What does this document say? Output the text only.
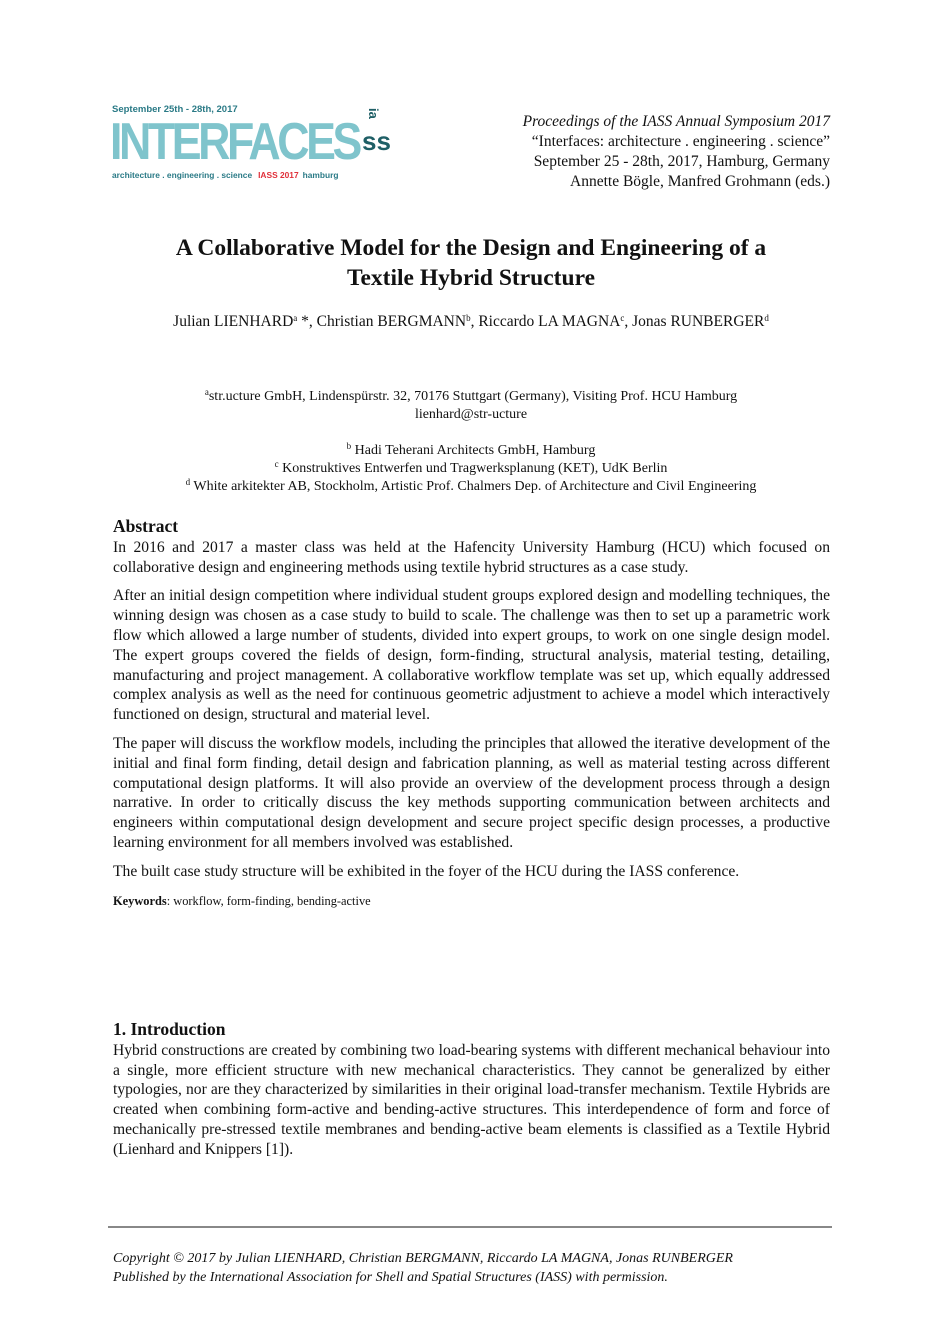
September 25th - 28th, 2017
INTERFACES
architecture . engineering . science IASS 2017 hamburg
ia
ss
Proceedings of the IASS Annual Symposium 2017
“Interfaces: architecture . engineering . science”
September 25 - 28th, 2017, Hamburg, Germany
Annette Bögle, Manfred Grohmann (eds.)
A Collaborative Model for the Design and Engineering of a
Textile Hybrid Structure
Julian LIENHARD$^a$ *, Christian BERGMANN$^b$, Riccardo LA MAGNA$^c$, Jonas RUNBERGER$^d$
$^a$str.ucture GmbH, Lindenspürstr. 32, 70176 Stuttgart (Germany), Visiting Prof. HCU Hamburg
lienhard@str-ucture
$^b$ Hadi Teherani Architects GmbH, Hamburg
$^c$ Konstruktives Entwerfen und Tragwerksplanung (KET), UdK Berlin
$^d$ White arkitekter AB, Stockholm, Artistic Prof. Chalmers Dep. of Architecture and Civil Engineering
Abstract

In 2016 and 2017 a master class was held at the Hafencity University Hamburg (HCU) which focused on collaborative design and engineering methods using textile hybrid structures as a case study.

After an initial design competition where individual student groups explored design and modelling techniques, the winning design was chosen as a case study to build to scale. The challenge was then to set up a parametric work flow which allowed a large number of students, divided into expert groups, to work on one single design model. The expert groups covered the fields of design, form-finding, structural analysis, material testing, detailing, manufacturing and project management. A collaborative workflow template was set up, which equally addressed complex analysis as well as the need for continuous geometric adjustment to achieve a model which interactively functioned on design, structural and material level.

The paper will discuss the workflow models, including the principles that allowed the iterative development of the initial and final form finding, detail design and fabrication planning, as well as material testing across different computational design platforms. It will also provide an overview of the development process through a design narrative. In order to critically discuss the key methods supporting communication between architects and engineers within computational design development and secure project specific design processes, a productive learning environment for all members involved was established.

The built case study structure will be exhibited in the foyer of the HCU during the IASS conference.

Keywords: workflow, form-finding, bending-active
1. Introduction

Hybrid constructions are created by combining two load-bearing systems with different mechanical behaviour into a single, more efficient structure with new mechanical characteristics. They cannot be generalized by either typologies, nor are they characterized by similarities in their original load-transfer mechanism. Textile Hybrids are created when combining form-active and bending-active structures. This interdependence of form and force of mechanically pre-stressed textile membranes and bending-active beam elements is classified as a Textile Hybrid (Lienhard and Knippers [1]).

Copyright © 2017 by Julian LIENHARD, Christian BERGMANN, Riccardo LA MAGNA, Jonas RUNBERGER
Published by the International Association for Shell and Spatial Structures (IASS) with permission.
